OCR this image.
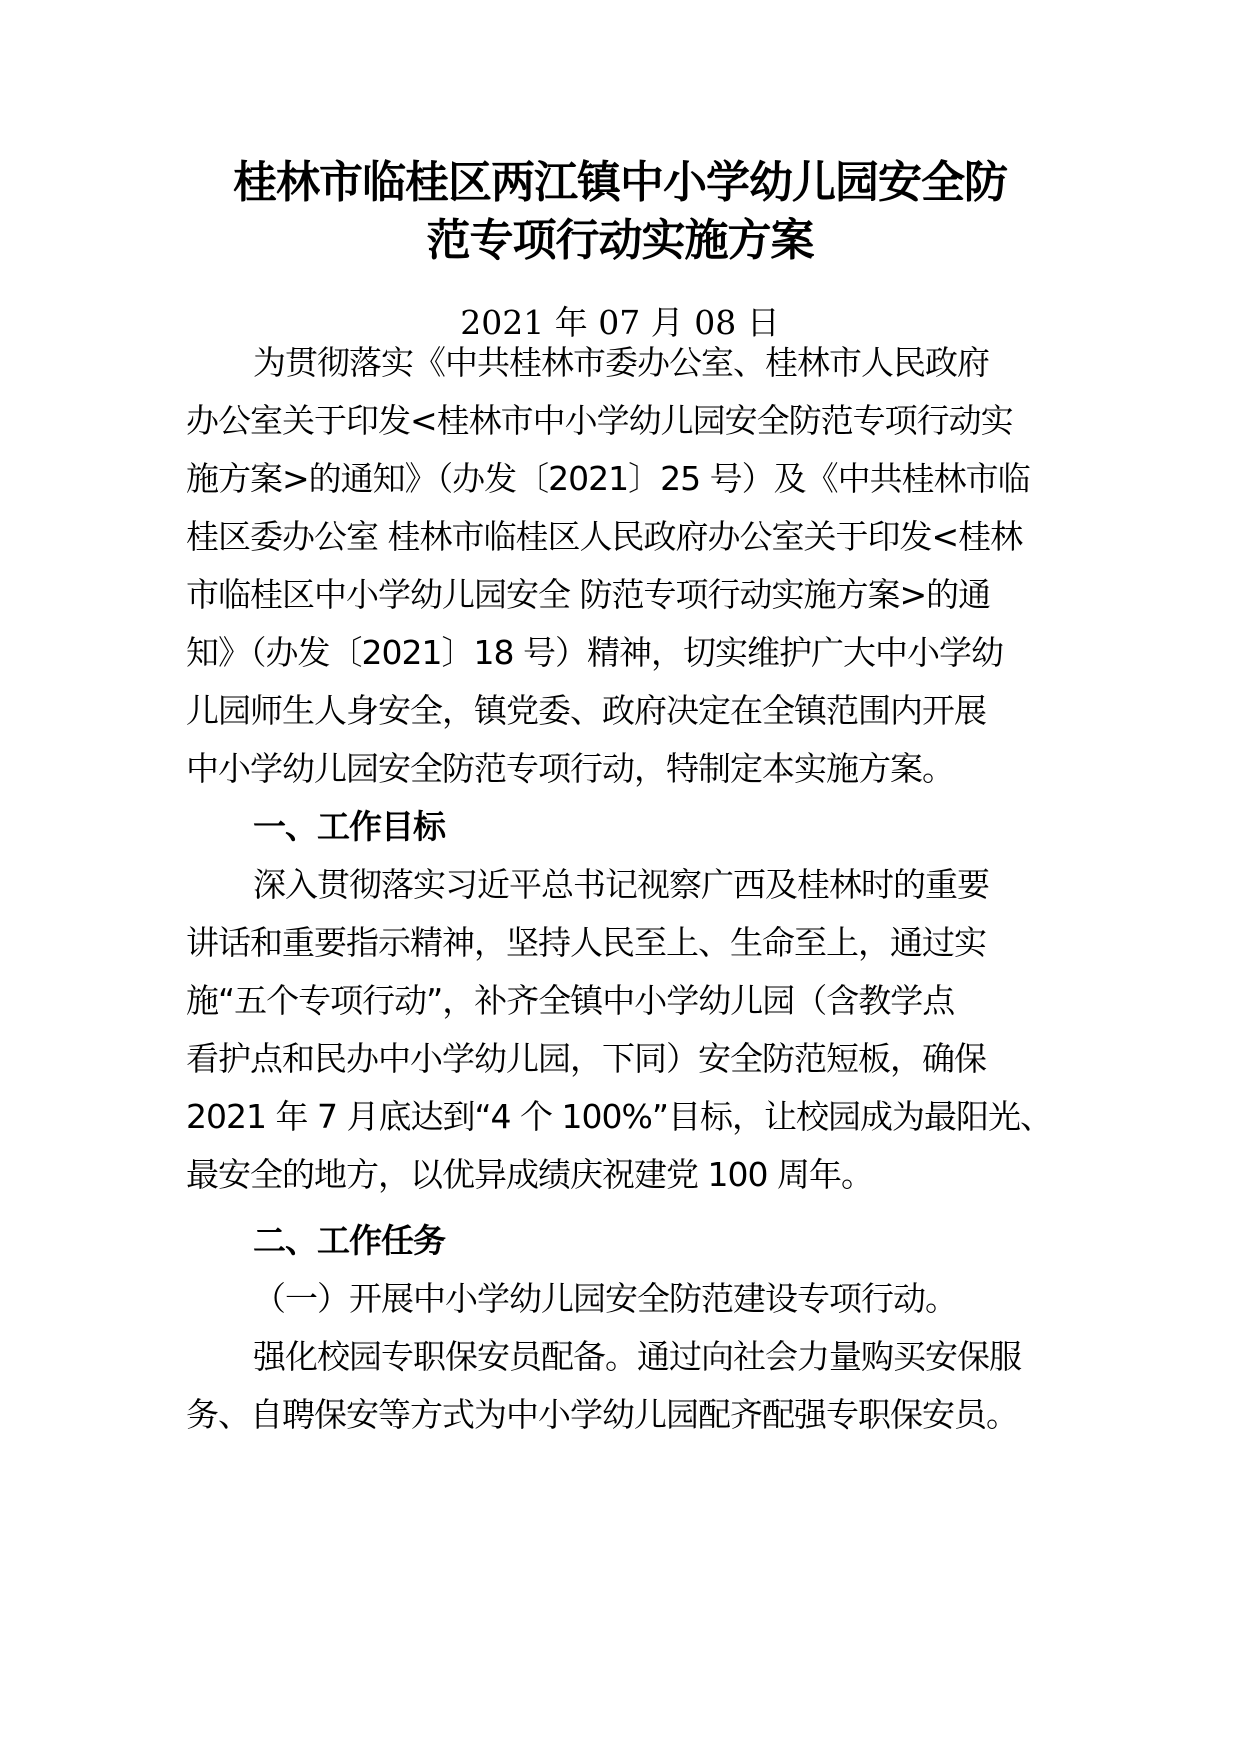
桂林市临桂区两江镇中小学幼儿园安全防
范专项行动实施方案
2021 年 07 月 08 日
为贯彻落实《中共桂林市委办公室、桂林市人民政府
办公室关于印发<桂林市中小学幼儿园安全防范专项行动实
施方案>的通知》（办发〔2021〕25 号）及《中共桂林市临
桂区委办公室 桂林市临桂区人民政府办公室关于印发<桂林
市临桂区中小学幼儿园安全 防范专项行动实施方案>的通
知》（办发〔2021〕18 号）精神，切实维护广大中小学幼
儿园师生人身安全，镇党委、政府决定在全镇范围内开展
中小学幼儿园安全防范专项行动，特制定本实施方案。
一、工作目标
深入贯彻落实习近平总书记视察广西及桂林时的重要
讲话和重要指示精神，坚持人民至上、生命至上，通过实
施“五个专项行动”，补齐全镇中小学幼儿园（含教学点
看护点和民办中小学幼儿园，下同）安全防范短板，确保
2021 年 7 月底达到“4 个 100%”目标，让校园成为最阳光、
最安全的地方，以优异成绩庆祝建党 100 周年。
二、工作任务
（一）开展中小学幼儿园安全防范建设专项行动。
强化校园专职保安员配备。通过向社会力量购买安保服
务、自聘保安等方式为中小学幼儿园配齐配强专职保安员。
